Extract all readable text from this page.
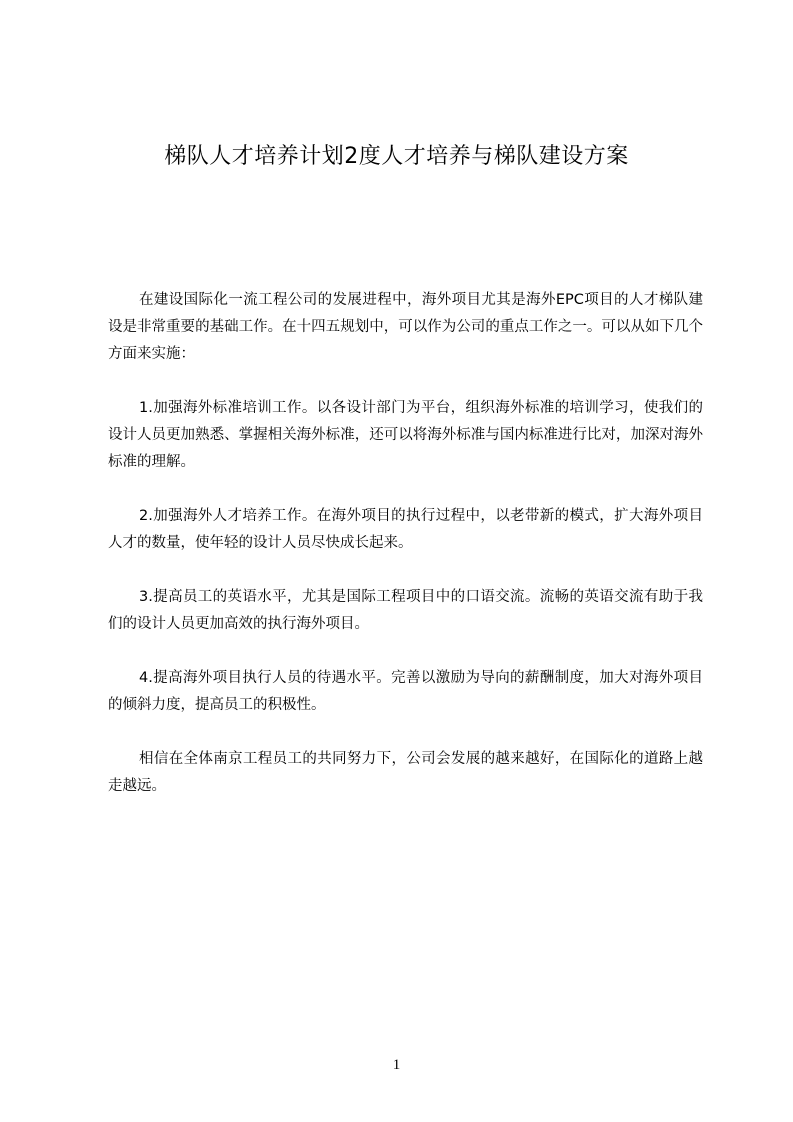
梯队人才培养计划2度人才培养与梯队建设方案

在建设国际化一流工程公司的发展进程中，海外项目尤其是海外EPC项目的人才梯队建设是非常重要的基础工作。在十四五规划中，可以作为公司的重点工作之一。可以从如下几个方面来实施：

1.加强海外标准培训工作。以各设计部门为平台，组织海外标准的培训学习，使我们的设计人员更加熟悉、掌握相关海外标准，还可以将海外标准与国内标准进行比对，加深对海外标准的理解。

2.加强海外人才培养工作。在海外项目的执行过程中，以老带新的模式，扩大海外项目人才的数量，使年轻的设计人员尽快成长起来。

3.提高员工的英语水平，尤其是国际工程项目中的口语交流。流畅的英语交流有助于我们的设计人员更加高效的执行海外项目。

4.提高海外项目执行人员的待遇水平。完善以激励为导向的薪酬制度，加大对海外项目的倾斜力度，提高员工的积极性。

相信在全体南京工程员工的共同努力下，公司会发展的越来越好，在国际化的道路上越走越远。

1
